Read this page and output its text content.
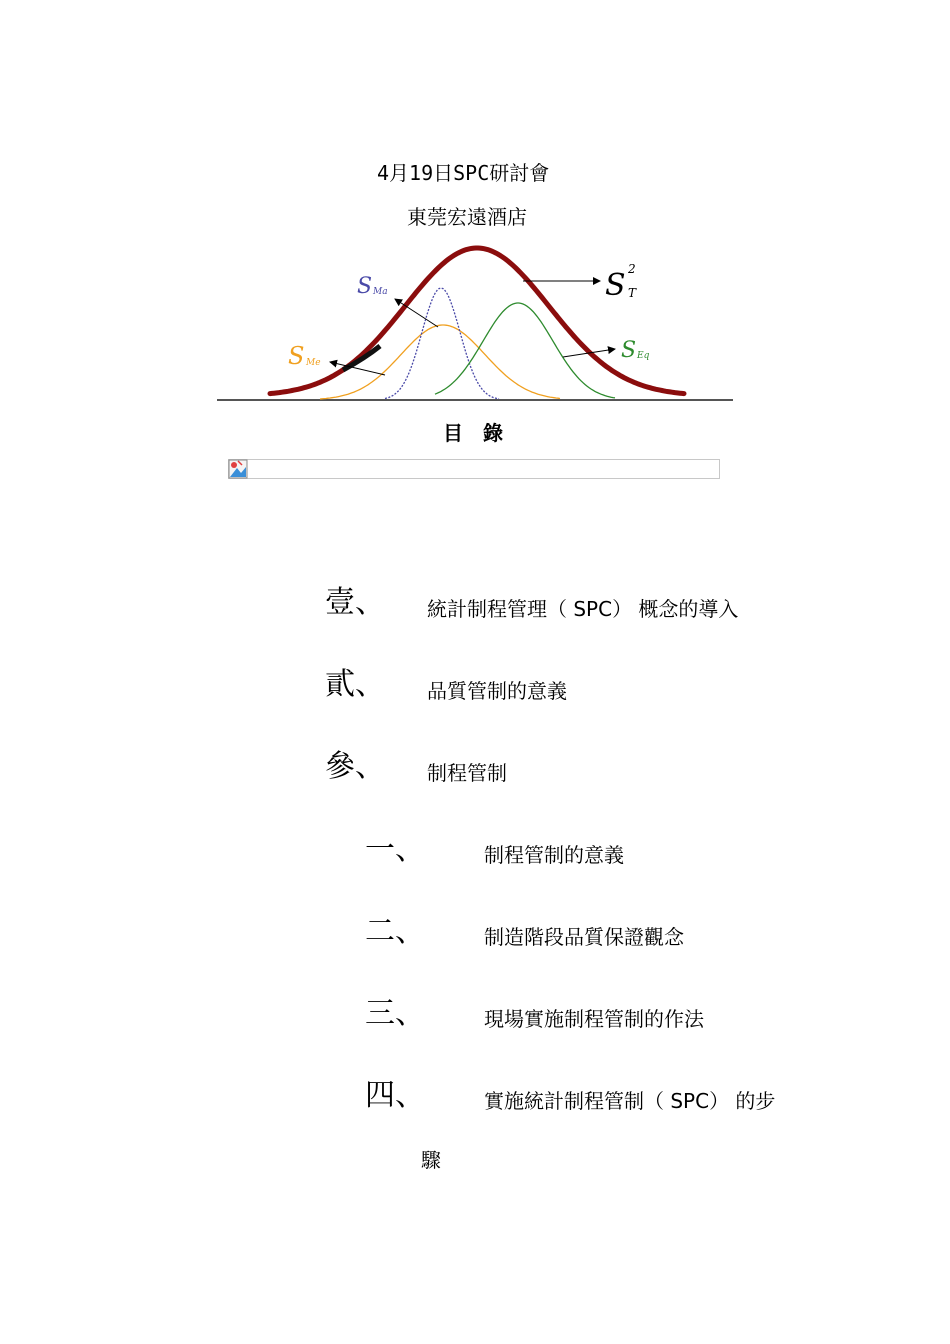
4月19日SPC研討會
東莞宏遠酒店
S 2
T
S Ma
S Me	S Eq
目錄
壹、 統計制程管理（ SPC） 概念的導入
貳、 品質管制的意義
參、 制程管制
一、	制程管制的意義
二、	制造階段品質保證觀念
三、	現場實施制程管制的作法
四、	實施統計制程管制（ SPC） 的步
驟
